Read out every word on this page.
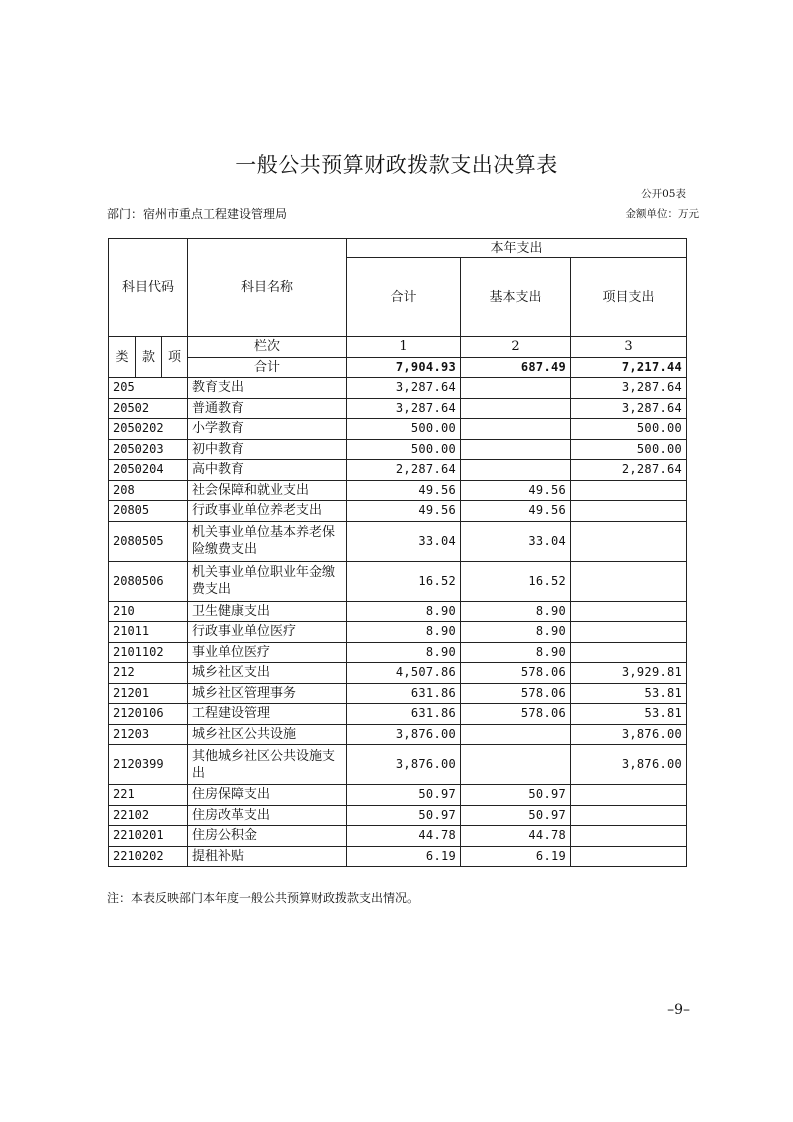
一般公共预算财政拨款支出决算表
公开05表
部门：宿州市重点工程建设管理局	金额单位：万元
科目代码			科目名称	本年支出		
				合计	基本支出	项目支出

类	款	项	栏次	1	2	3
			合计	7,904.93	687.49	7,217.44
205			教育支出	3,287.64		3,287.64
20502			普通教育	3,287.64		3,287.64
2050202			小学教育	500.00		500.00
2050203			初中教育	500.00		500.00
2050204			高中教育	2,287.64		2,287.64
208			社会保障和就业支出	49.56	49.56	
20805			行政事业单位养老支出	49.56	49.56	
2080505			机关事业单位基本养老保险缴费支出	33.04	33.04	
2080506			机关事业单位职业年金缴费支出	16.52	16.52	
210			卫生健康支出	8.90	8.90	
21011			行政事业单位医疗	8.90	8.90	
2101102			事业单位医疗	8.90	8.90	
212			城乡社区支出	4,507.86	578.06	3,929.81
21201			城乡社区管理事务	631.86	578.06	53.81
2120106			工程建设管理	631.86	578.06	53.81
21203			城乡社区公共设施	3,876.00		3,876.00
2120399			其他城乡社区公共设施支出	3,876.00		3,876.00
221			住房保障支出	50.97	50.97	
22102			住房改革支出	50.97	50.97	
2210201			住房公积金	44.78	44.78	
2210202			提租补贴	6.19	6.19	
注：本表反映部门本年度一般公共预算财政拨款支出情况。
–9–
